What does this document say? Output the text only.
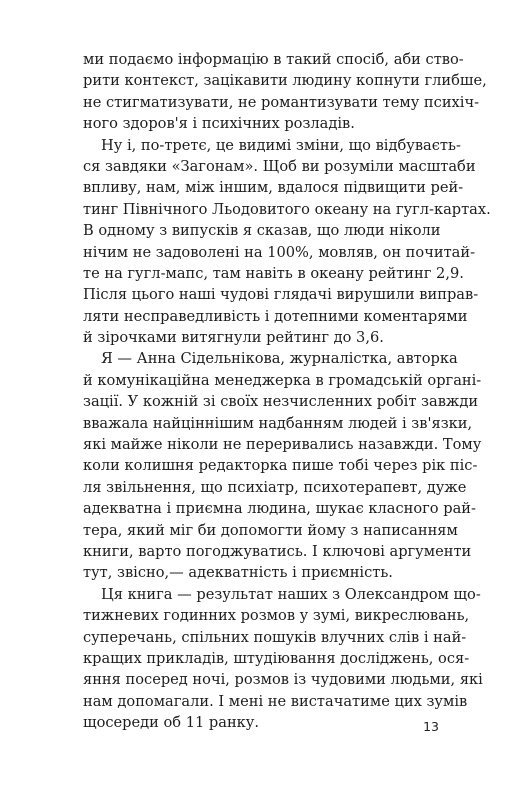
ми подаємо інформацію в такий спосіб, аби ство-
рити контекст, зацікавити людину копнути глибше,
не стигматизувати, не романтизувати тему психіч-
ного здоров'я і психічних розладів.
Ну і, по-третє, це видимі зміни, що відбуваєть-
ся завдяки «Загонам». Щоб ви розуміли масштаби
впливу, нам, між іншим, вдалося підвищити рей-
тинг Північного Льодовитого океану на гугл-картах.
В одному з випусків я сказав, що люди ніколи
нічим не задоволені на 100%, мовляв, он почитай-
те на гугл-мапс, там навіть в океану рейтинг 2,9.
Після цього наші чудові глядачі вирушили виправ-
ляти несправедливість і дотепними коментарями
й зірочками витягнули рейтинг до 3,6.
Я — Анна Сідельнікова, журналістка, авторка
й комунікаційна менеджерка в громадській органі-
зації. У кожній зі своїх незчисленних робіт завжди
вважала найціннішим надбанням людей і зв'язки,
які майже ніколи не переривались назавжди. Тому
коли колишня редакторка пише тобі через рік піс-
ля звільнення, що психіатр, психотерапевт, дуже
адекватна і приємна людина, шукає класного рай-
тера, який міг би допомогти йому з написанням
книги, варто погоджуватись. І ключові аргументи
тут, звісно,— адекватність і приємність.
Ця книга — результат наших з Олександром що-
тижневих годинних розмов у зумі, викреслювань,
суперечань, спільних пошуків влучних слів і най-
кращих прикладів, штудіювання досліджень, ося-
яння посеред ночі, розмов із чудовими людьми, які
нам допомагали. І мені не вистачатиме цих зумів
щосереди об 11 ранку.	13
